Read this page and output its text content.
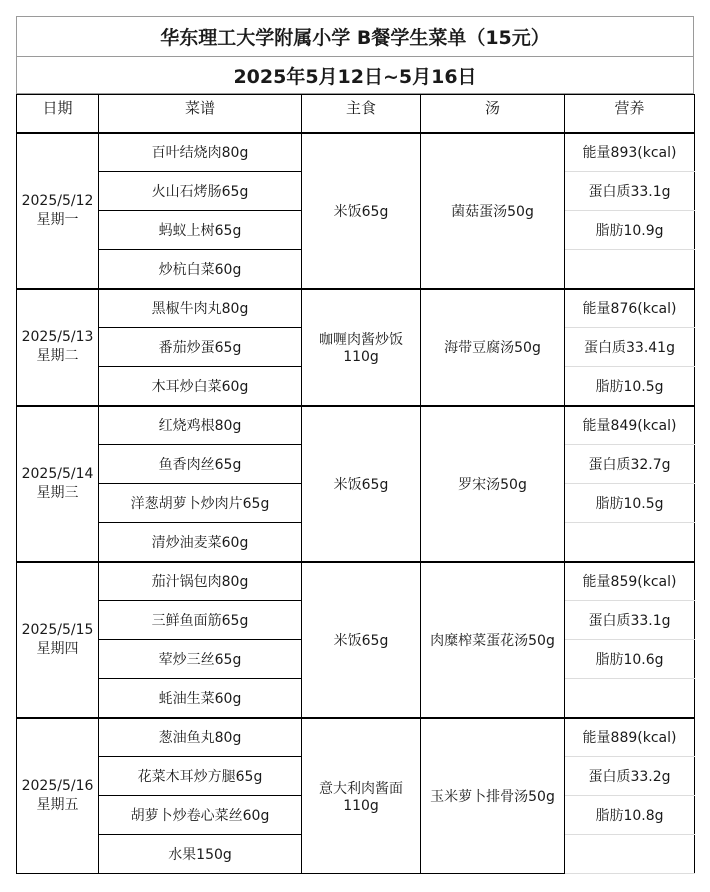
华东理工大学附属小学 B餐学生菜单（15元）
2025年5月12日~5月16日
日期	菜谱	主食	汤	营养

2025/5/12
星期一	百叶结烧肉80g	米饭65g	菌菇蛋汤50g	能量893(kcal)
	火山石烤肠65g			蛋白质33.1g
	蚂蚁上树65g			脂肪10.9g
	炒杭白菜60g			

2025/5/13
星期二	黑椒牛肉丸80g	咖喱肉酱炒饭110g	海带豆腐汤50g	能量876(kcal)
	番茄炒蛋65g			蛋白质33.41g
	木耳炒白菜60g			脂肪10.5g

2025/5/14
星期三	红烧鸡根80g	米饭65g	罗宋汤50g	能量849(kcal)
	鱼香肉丝65g			蛋白质32.7g
	洋葱胡萝卜炒肉片65g			脂肪10.5g
	清炒油麦菜60g			

2025/5/15
星期四	茄汁锅包肉80g	米饭65g	肉糜榨菜蛋花汤50g	能量859(kcal)
	三鲜鱼面筋65g			蛋白质33.1g
	荤炒三丝65g			脂肪10.6g
	蚝油生菜60g			

2025/5/16
星期五	葱油鱼丸80g	意大利肉酱面110g	玉米萝卜排骨汤50g	能量889(kcal)
	花菜木耳炒方腿65g			蛋白质33.2g
	胡萝卜炒卷心菜丝60g			脂肪10.8g
	水果150g			
